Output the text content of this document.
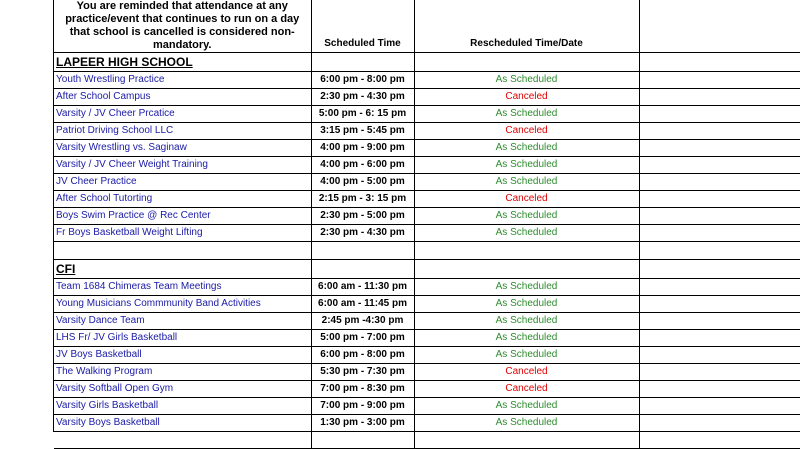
You are reminded that attendance at any practice/event that continues to run on a day that school is cancelled is considered non-mandatory.	Scheduled Time	Rescheduled Time/Date	
LAPEER HIGH SCHOOL			
Youth Wrestling Practice	6:00 pm - 8:00 pm	As Scheduled	
After School Campus	2:30 pm - 4:30 pm	Canceled	
Varsity / JV Cheer Prcatice	5:00 pm - 6: 15 pm	As Scheduled	
Patriot Driving School LLC	3:15 pm - 5:45 pm	Canceled	
Varsity Wrestling vs. Saginaw	4:00 pm - 9:00 pm	As Scheduled	
Varsity / JV Cheer Weight Training	4:00 pm - 6:00 pm	As Scheduled	
JV Cheer Practice	4:00 pm - 5:00 pm	As Scheduled	
After School Tutorting	2:15 pm - 3: 15 pm	Canceled	
Boys Swim Practice @ Rec Center	2:30 pm - 5:00 pm	As Scheduled	
Fr Boys Basketball Weight Lifting	2:30 pm - 4:30 pm	As Scheduled	

CFI			
Team 1684 Chimeras Team Meetings	6:00 am - 11:30 pm	As Scheduled	
Young Musicians Commmunity Band Activities	6:00 am - 11:45 pm	As Scheduled	
Varsity Dance Team	2:45 pm -4:30 pm	As Scheduled	
LHS Fr/ JV Girls Basketball	5:00 pm - 7:00 pm	As Scheduled	
JV Boys Basketball	6:00 pm - 8:00 pm	As Scheduled	
The Walking Program	5:30 pm - 7:30 pm	Canceled	
Varsity Softball Open Gym	7:00 pm - 8:30 pm	Canceled	
Varsity Girls Basketball	7:00 pm - 9:00 pm	As Scheduled	
Varsity Boys Basketball	1:30 pm - 3:00 pm	As Scheduled	
